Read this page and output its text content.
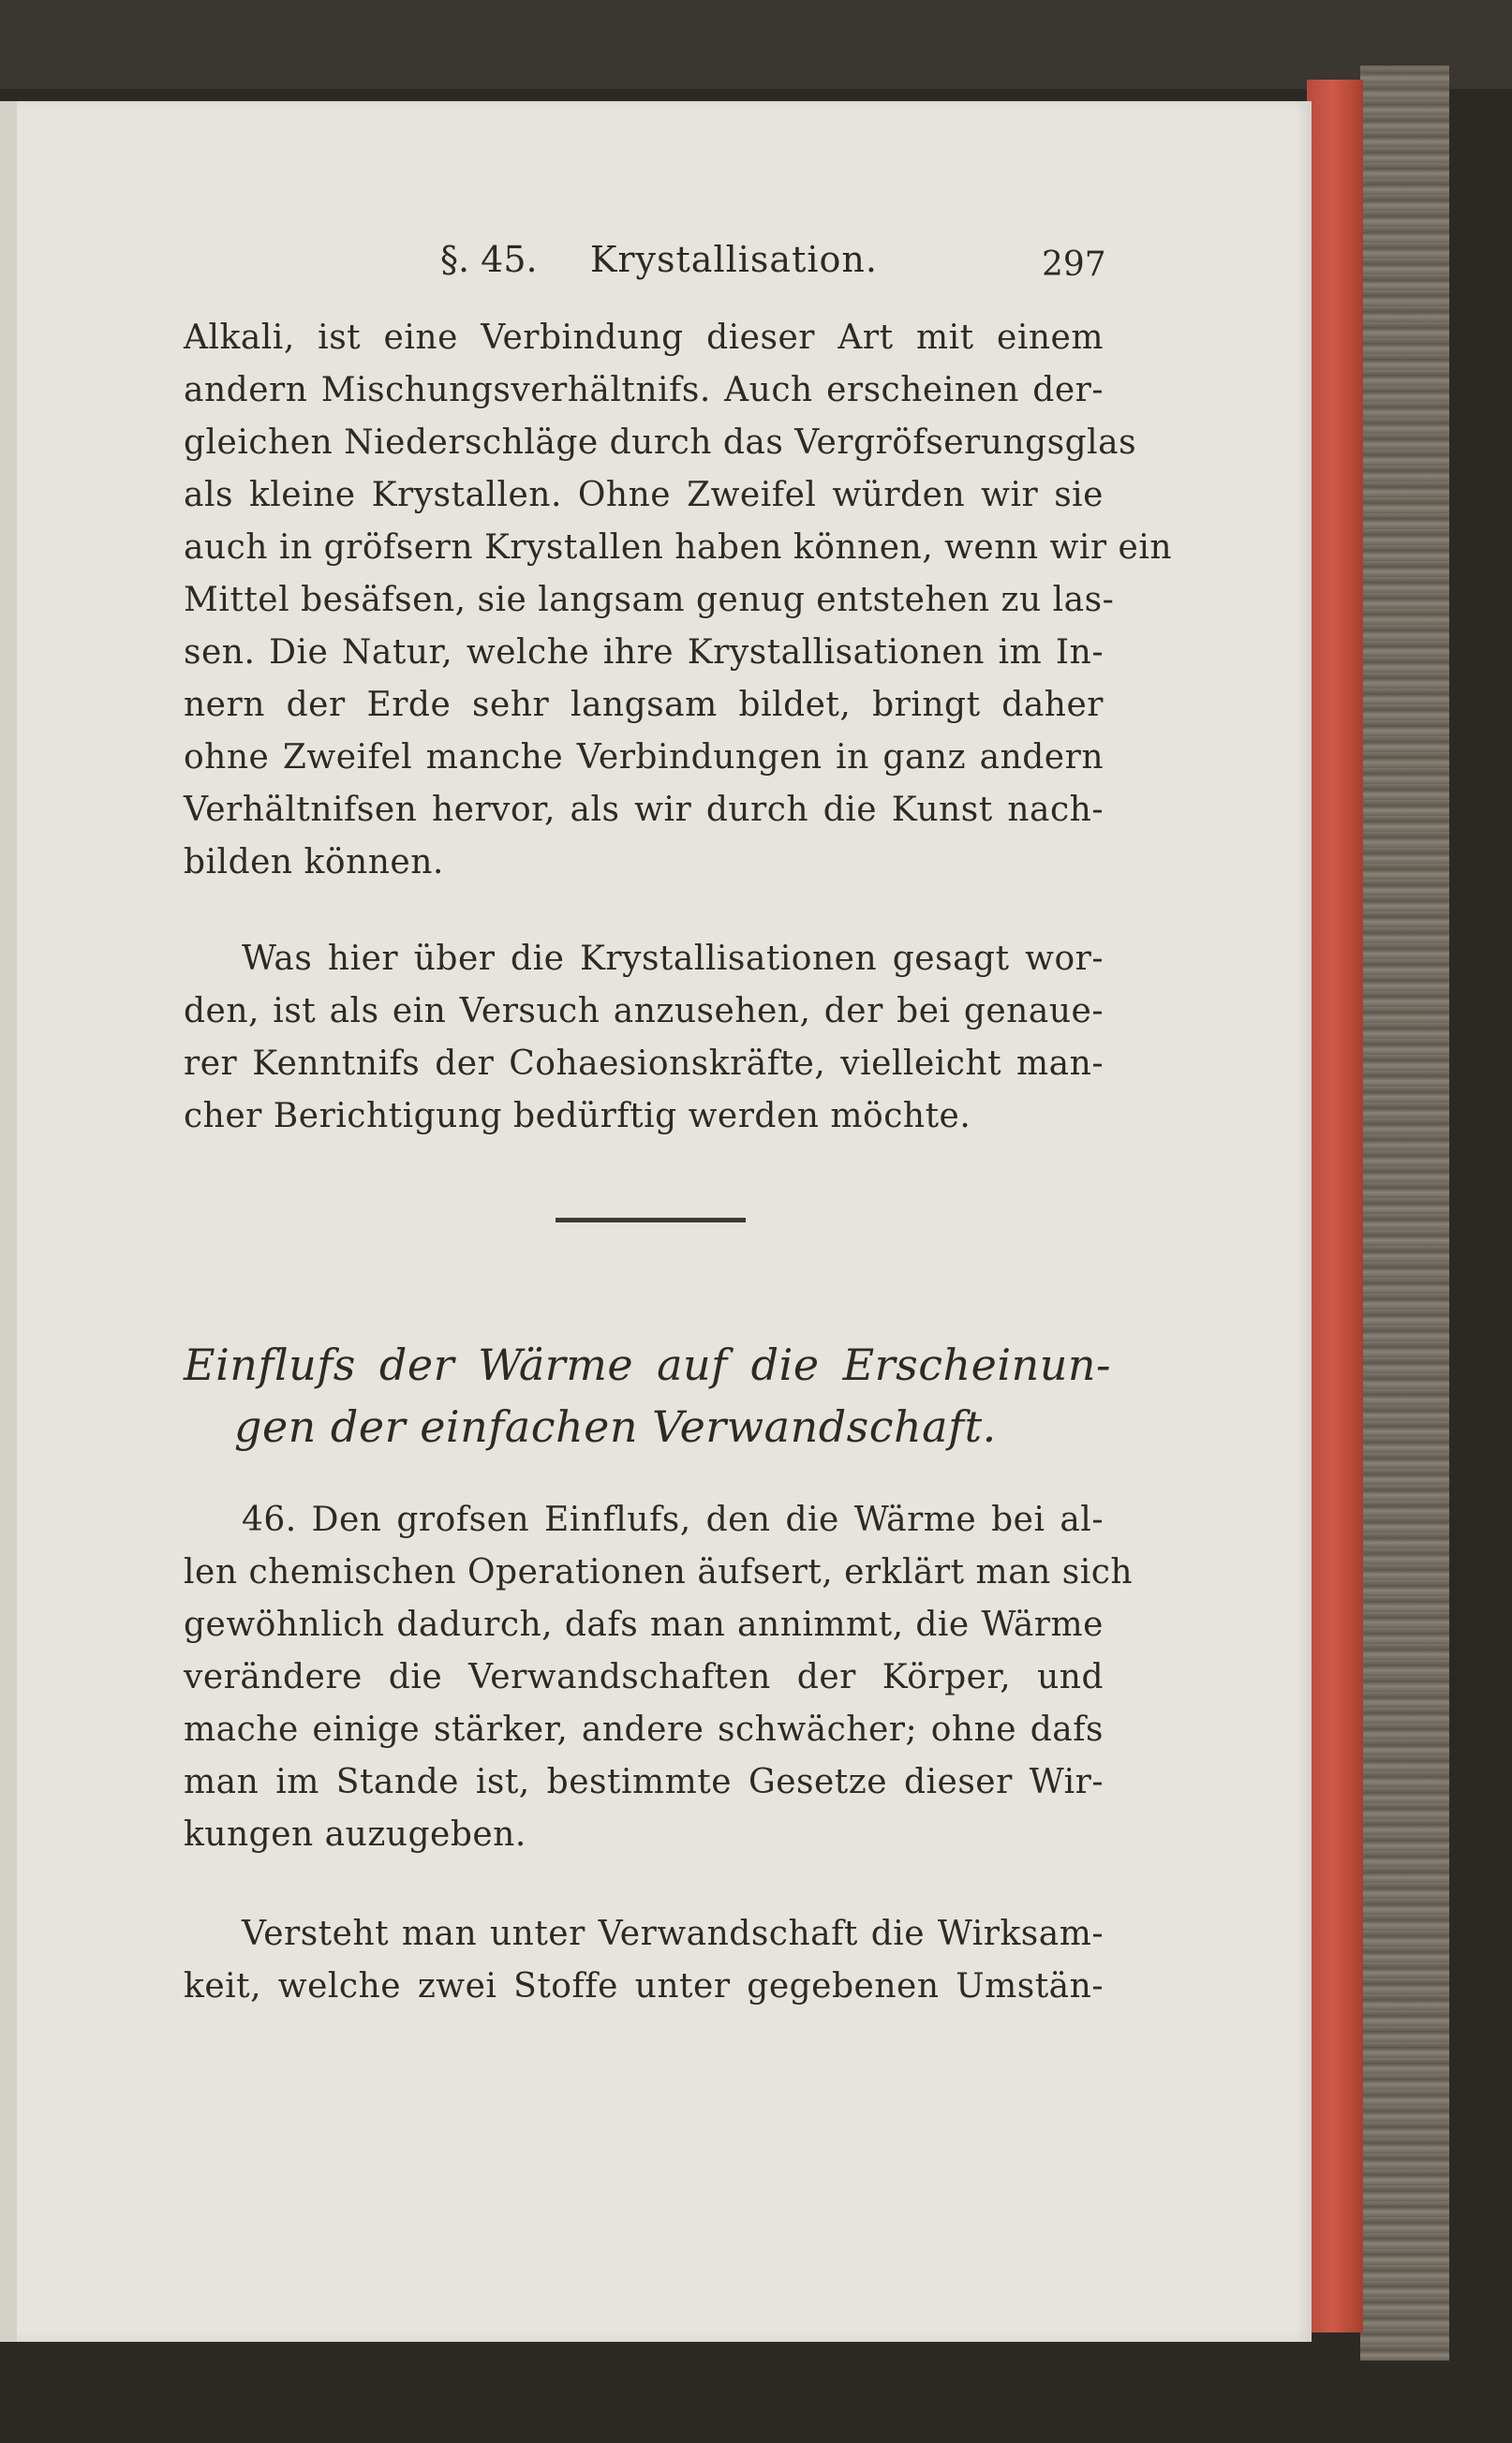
§. 45. Krystallisation.	297
Alkali, ist eine Verbindung dieser Art mit einem
andern Mischungsverhältnifs. Auch erscheinen der-
gleichen Niederschläge durch das Vergröfserungsglas
als kleine Krystallen. Ohne Zweifel würden wir sie
auch in gröfsern Krystallen haben können, wenn wir ein
Mittel besäfsen, sie langsam genug entstehen zu las-
sen. Die Natur, welche ihre Krystallisationen im In-
nern der Erde sehr langsam bildet, bringt daher
ohne Zweifel manche Verbindungen in ganz andern
Verhältnifsen hervor, als wir durch die Kunst nach-
bilden können.
Was hier über die Krystallisationen gesagt wor-
den, ist als ein Versuch anzusehen, der bei genaue-
rer Kenntnifs der Cohaesionskräfte, vielleicht man-
cher Berichtigung bedürftig werden möchte.
Einflufs der Wärme auf die Erscheinun-
gen der einfachen Verwandschaft.
46. Den grofsen Einflufs, den die Wärme bei al-
len chemischen Operationen äufsert, erklärt man sich
gewöhnlich dadurch, dafs man annimmt, die Wärme
verändere die Verwandschaften der Körper, und
mache einige stärker, andere schwächer; ohne dafs
man im Stande ist, bestimmte Gesetze dieser Wir-
kungen auzugeben.
Versteht man unter Verwandschaft die Wirksam-
keit, welche zwei Stoffe unter gegebenen Umstän-
